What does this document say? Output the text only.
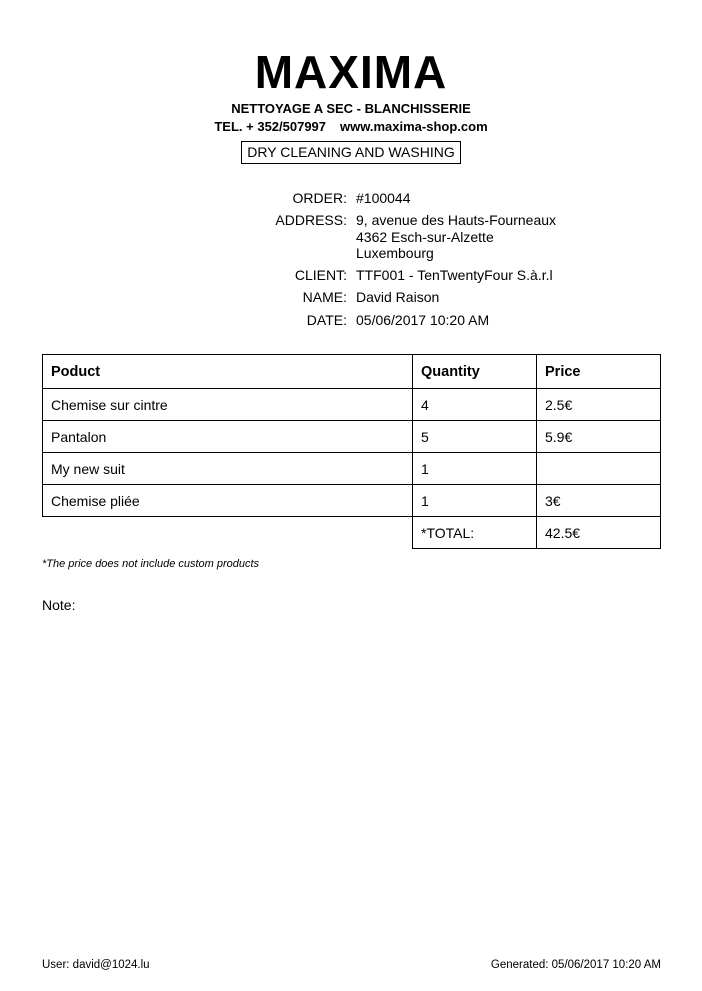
MAXIMA
NETTOYAGE A SEC - BLANCHISSERIE
TEL. + 352/507997 www.maxima-shop.com
DRY CLEANING AND WASHING
ORDER: #100044
ADDRESS: 9, avenue des Hauts-Fourneaux
4362 Esch-sur-Alzette
Luxembourg
CLIENT: TTF001 - TenTwentyFour S.à.r.l
NAME: David Raison
DATE: 05/06/2017 10:20 AM
Poduct	Quantity	Price
Chemise sur cintre	4	2.5€
Pantalon	5	5.9€
My new suit	1	
Chemise pliée	1	3€
	*TOTAL:	42.5€
*The price does not include custom products
Note:
User: david@1024.lu	Generated: 05/06/2017 10:20 AM
